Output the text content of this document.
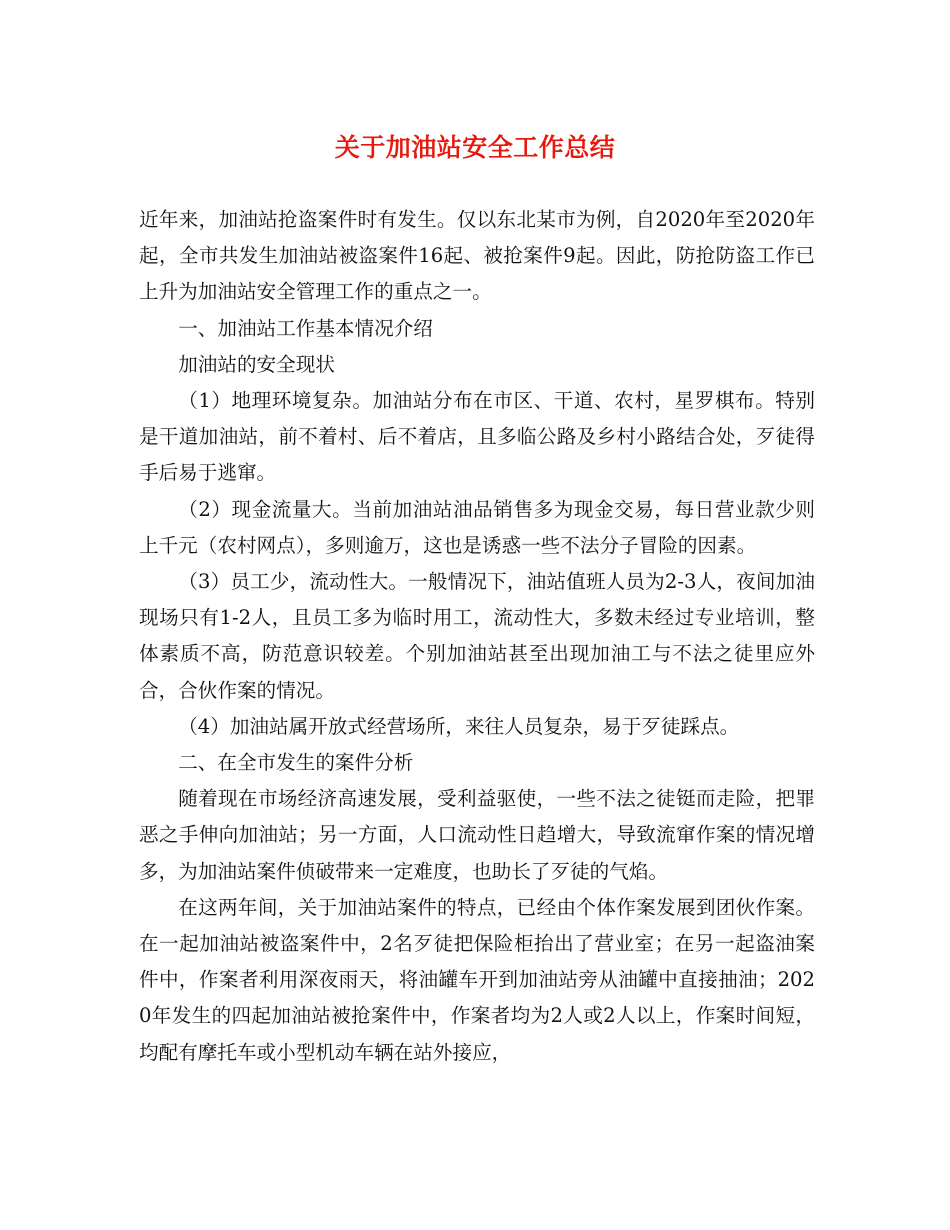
关于加油站安全工作总结

近年来，加油站抢盗案件时有发生。仅以东北某市为例，自2020年至2020年起，全市共发生加油站被盗案件16起、被抢案件9起。因此，防抢防盗工作已上升为加油站安全管理工作的重点之一。

一、加油站工作基本情况介绍

加油站的安全现状

（1）地理环境复杂。加油站分布在市区、干道、农村，星罗棋布。特别是干道加油站，前不着村、后不着店，且多临公路及乡村小路结合处，歹徒得手后易于逃窜。

（2）现金流量大。当前加油站油品销售多为现金交易，每日营业款少则上千元（农村网点），多则逾万，这也是诱惑一些不法分子冒险的因素。

（3）员工少，流动性大。一般情况下，油站值班人员为2-3人，夜间加油现场只有1-2人，且员工多为临时用工，流动性大，多数未经过专业培训，整体素质不高，防范意识较差。个别加油站甚至出现加油工与不法之徒里应外合，合伙作案的情况。

（4）加油站属开放式经营场所，来往人员复杂，易于歹徒踩点。

二、在全市发生的案件分析

随着现在市场经济高速发展，受利益驱使，一些不法之徒铤而走险，把罪恶之手伸向加油站；另一方面，人口流动性日趋增大，导致流窜作案的情况增多，为加油站案件侦破带来一定难度，也助长了歹徒的气焰。

在这两年间，关于加油站案件的特点，已经由个体作案发展到团伙作案。在一起加油站被盗案件中，2名歹徒把保险柜抬出了营业室；在另一起盗油案件中，作案者利用深夜雨天，将油罐车开到加油站旁从油罐中直接抽油；2020年发生的四起加油站被抢案件中，作案者均为2人或2人以上，作案时间短，均配有摩托车或小型机动车辆在站外接应，
